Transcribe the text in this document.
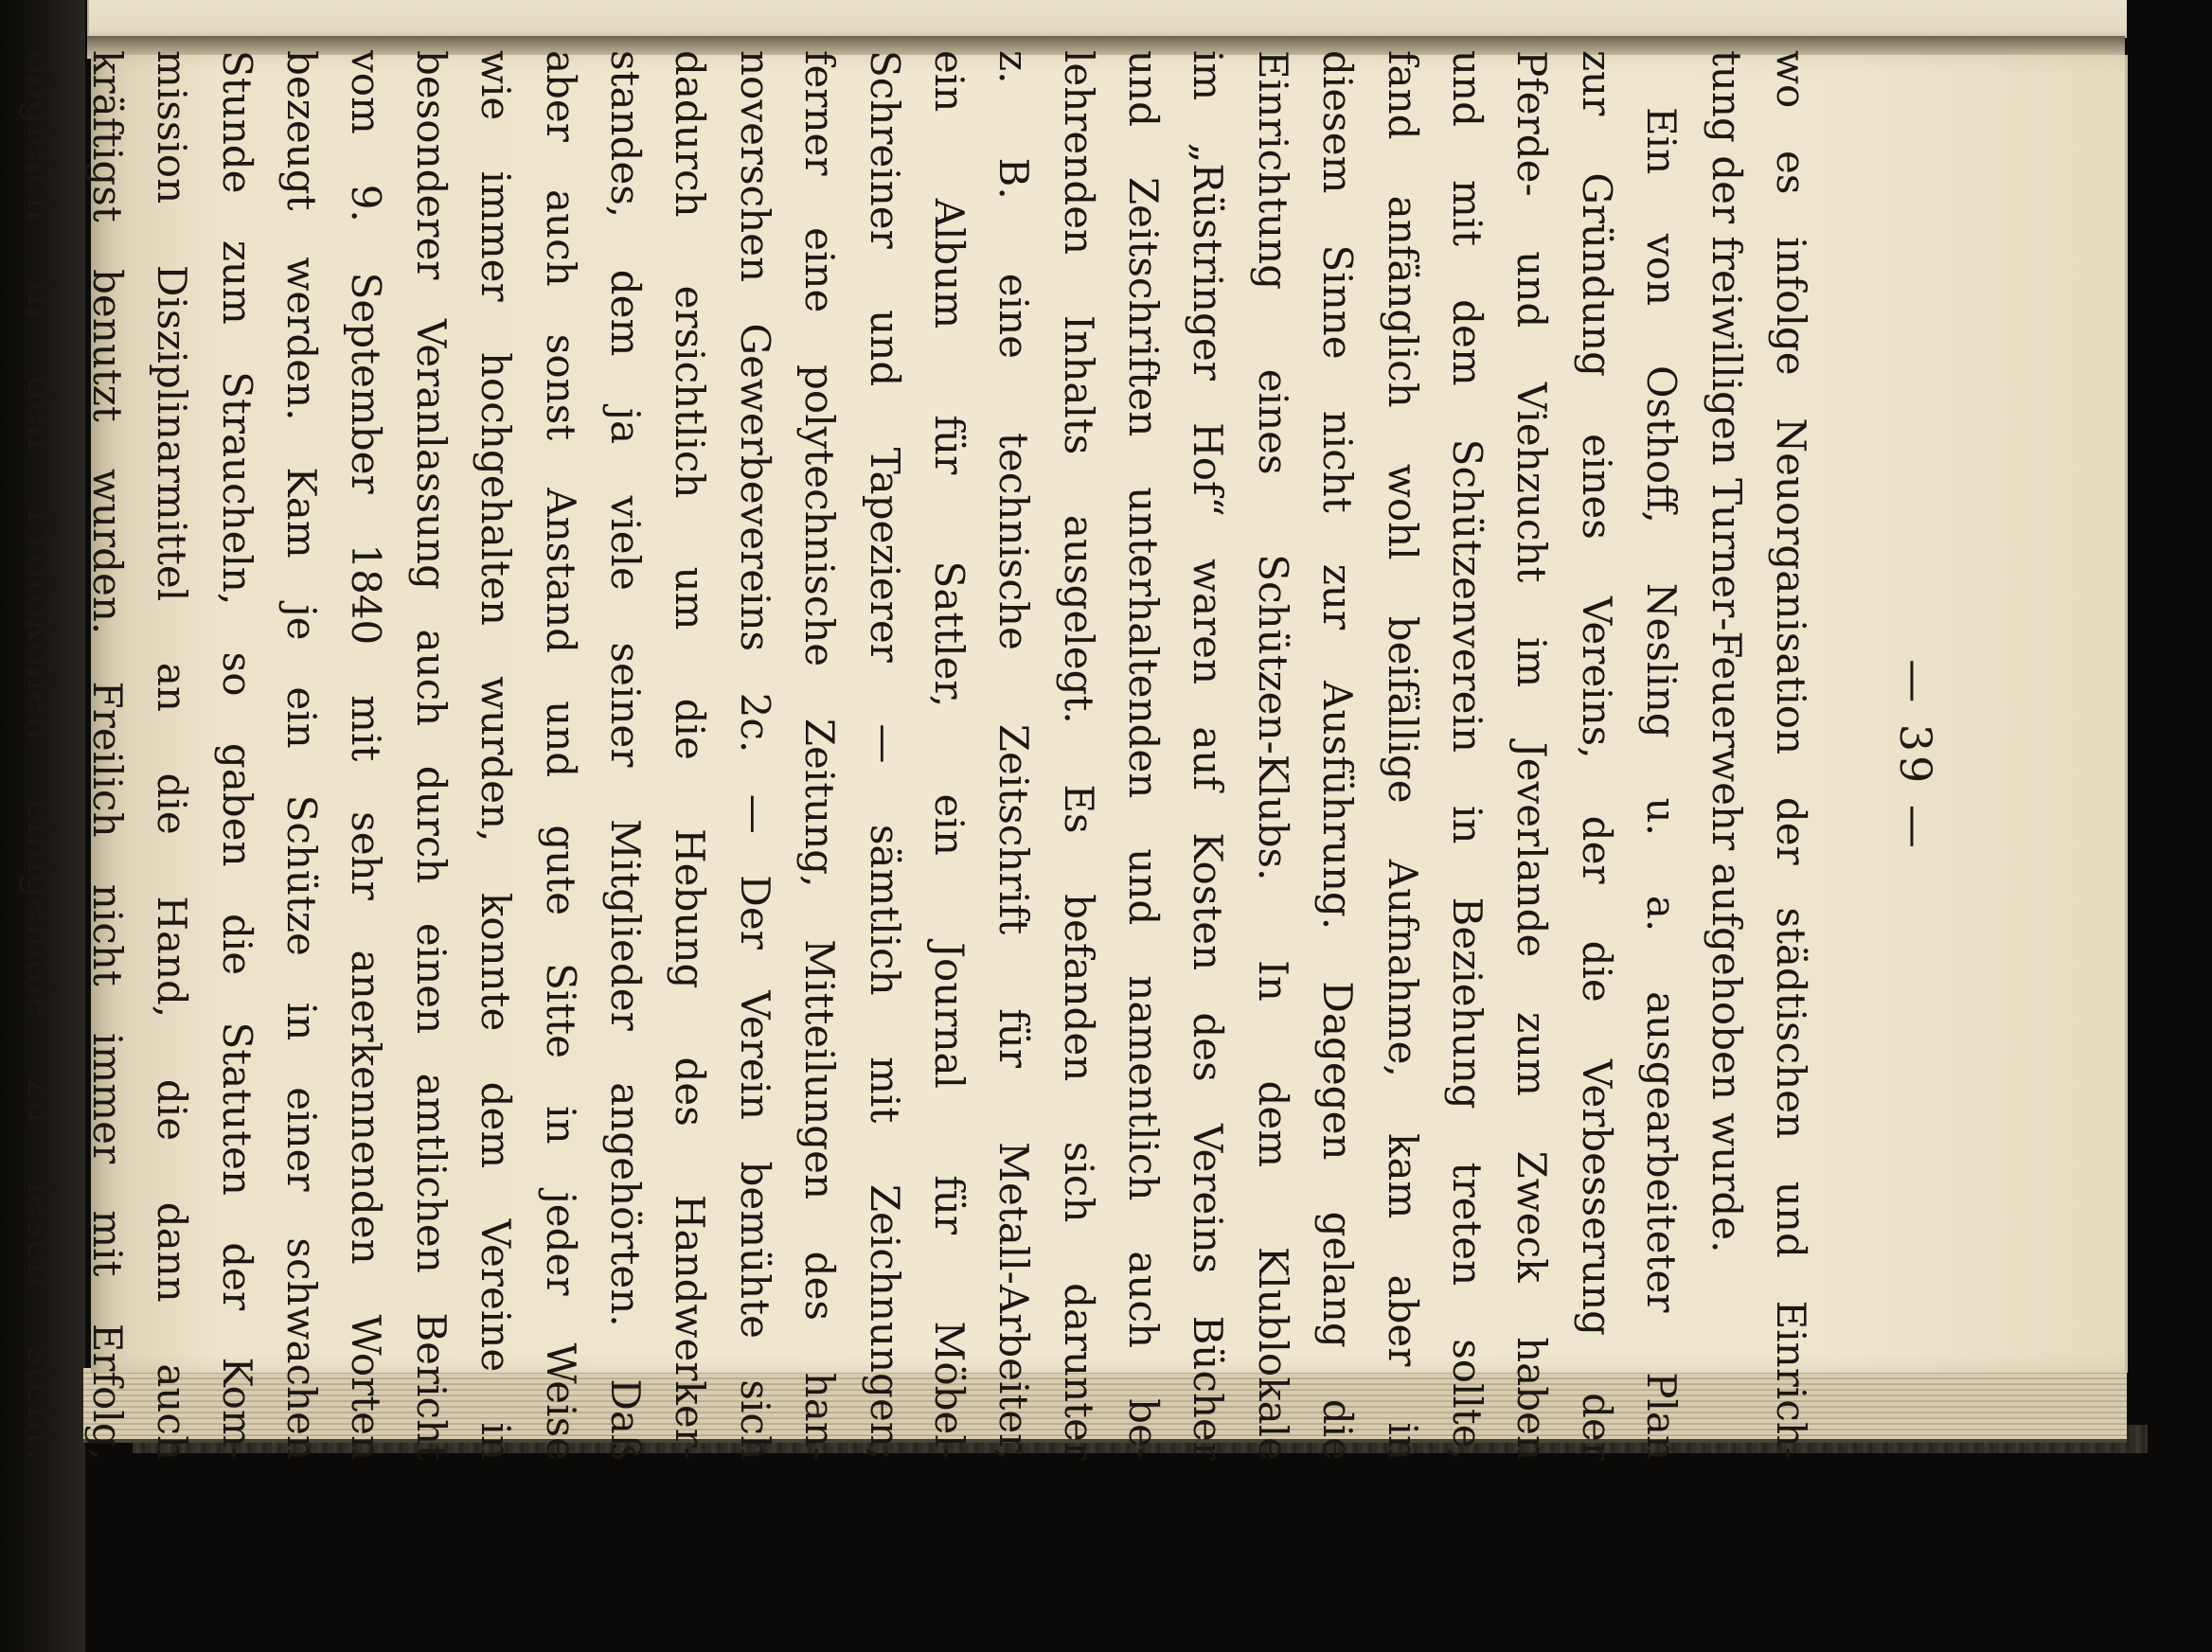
— 39 —

wo es infolge Neuorganisation der städtischen und Einrich-
tung der freiwilligen Turner-Feuerwehr aufgehoben wurde.
Ein von Osthoff, Nesling u. a. ausgearbeiteter Plan
zur Gründung eines Vereins, der die Verbesserung der
Pferde- und Viehzucht im Jeverlande zum Zweck haben
und mit dem Schützenverein in Beziehung treten sollte,
fand anfänglich wohl beifällige Aufnahme, kam aber in
diesem Sinne nicht zur Ausführung. Dagegen gelang die
Einrichtung eines Schützen-Klubs. In dem Klublokale
im „Rüstringer Hof“ waren auf Kosten des Vereins Bücher
und Zeitschriften unterhaltenden und namentlich auch be-
lehrenden Inhalts ausgelegt. Es befanden sich darunter
z. B. eine technische Zeitschrift für Metall-Arbeiter,
ein Album für Sattler, ein Journal für Möbel-
Schreiner und Tapezierer — sämtlich mit Zeichnungen;
ferner eine polytechnische Zeitung, Mitteilungen des han-
noverschen Gewerbevereins 2c. — Der Verein bemühte sich
dadurch ersichtlich um die Hebung des Handwerker-
standes, dem ja viele seiner Mitglieder angehörten. Daß
aber auch sonst Anstand und gute Sitte in jeder Weise
wie immer hochgehalten wurden, konnte dem Vereine in
besonderer Veranlassung auch durch einen amtlichen Bericht
vom 9. September 1840 mit sehr anerkennenden Worten
bezeugt werden. Kam je ein Schütze in einer schwachen
Stunde zum Straucheln, so gaben die Statuten der Kom-
mission Disziplinarmittel an die Hand, die dann auch
kräftigst benutzt wurden. Freilich nicht immer mit Erfolg,
obgleich in den Protokollen einigemale zu lesen steht:
